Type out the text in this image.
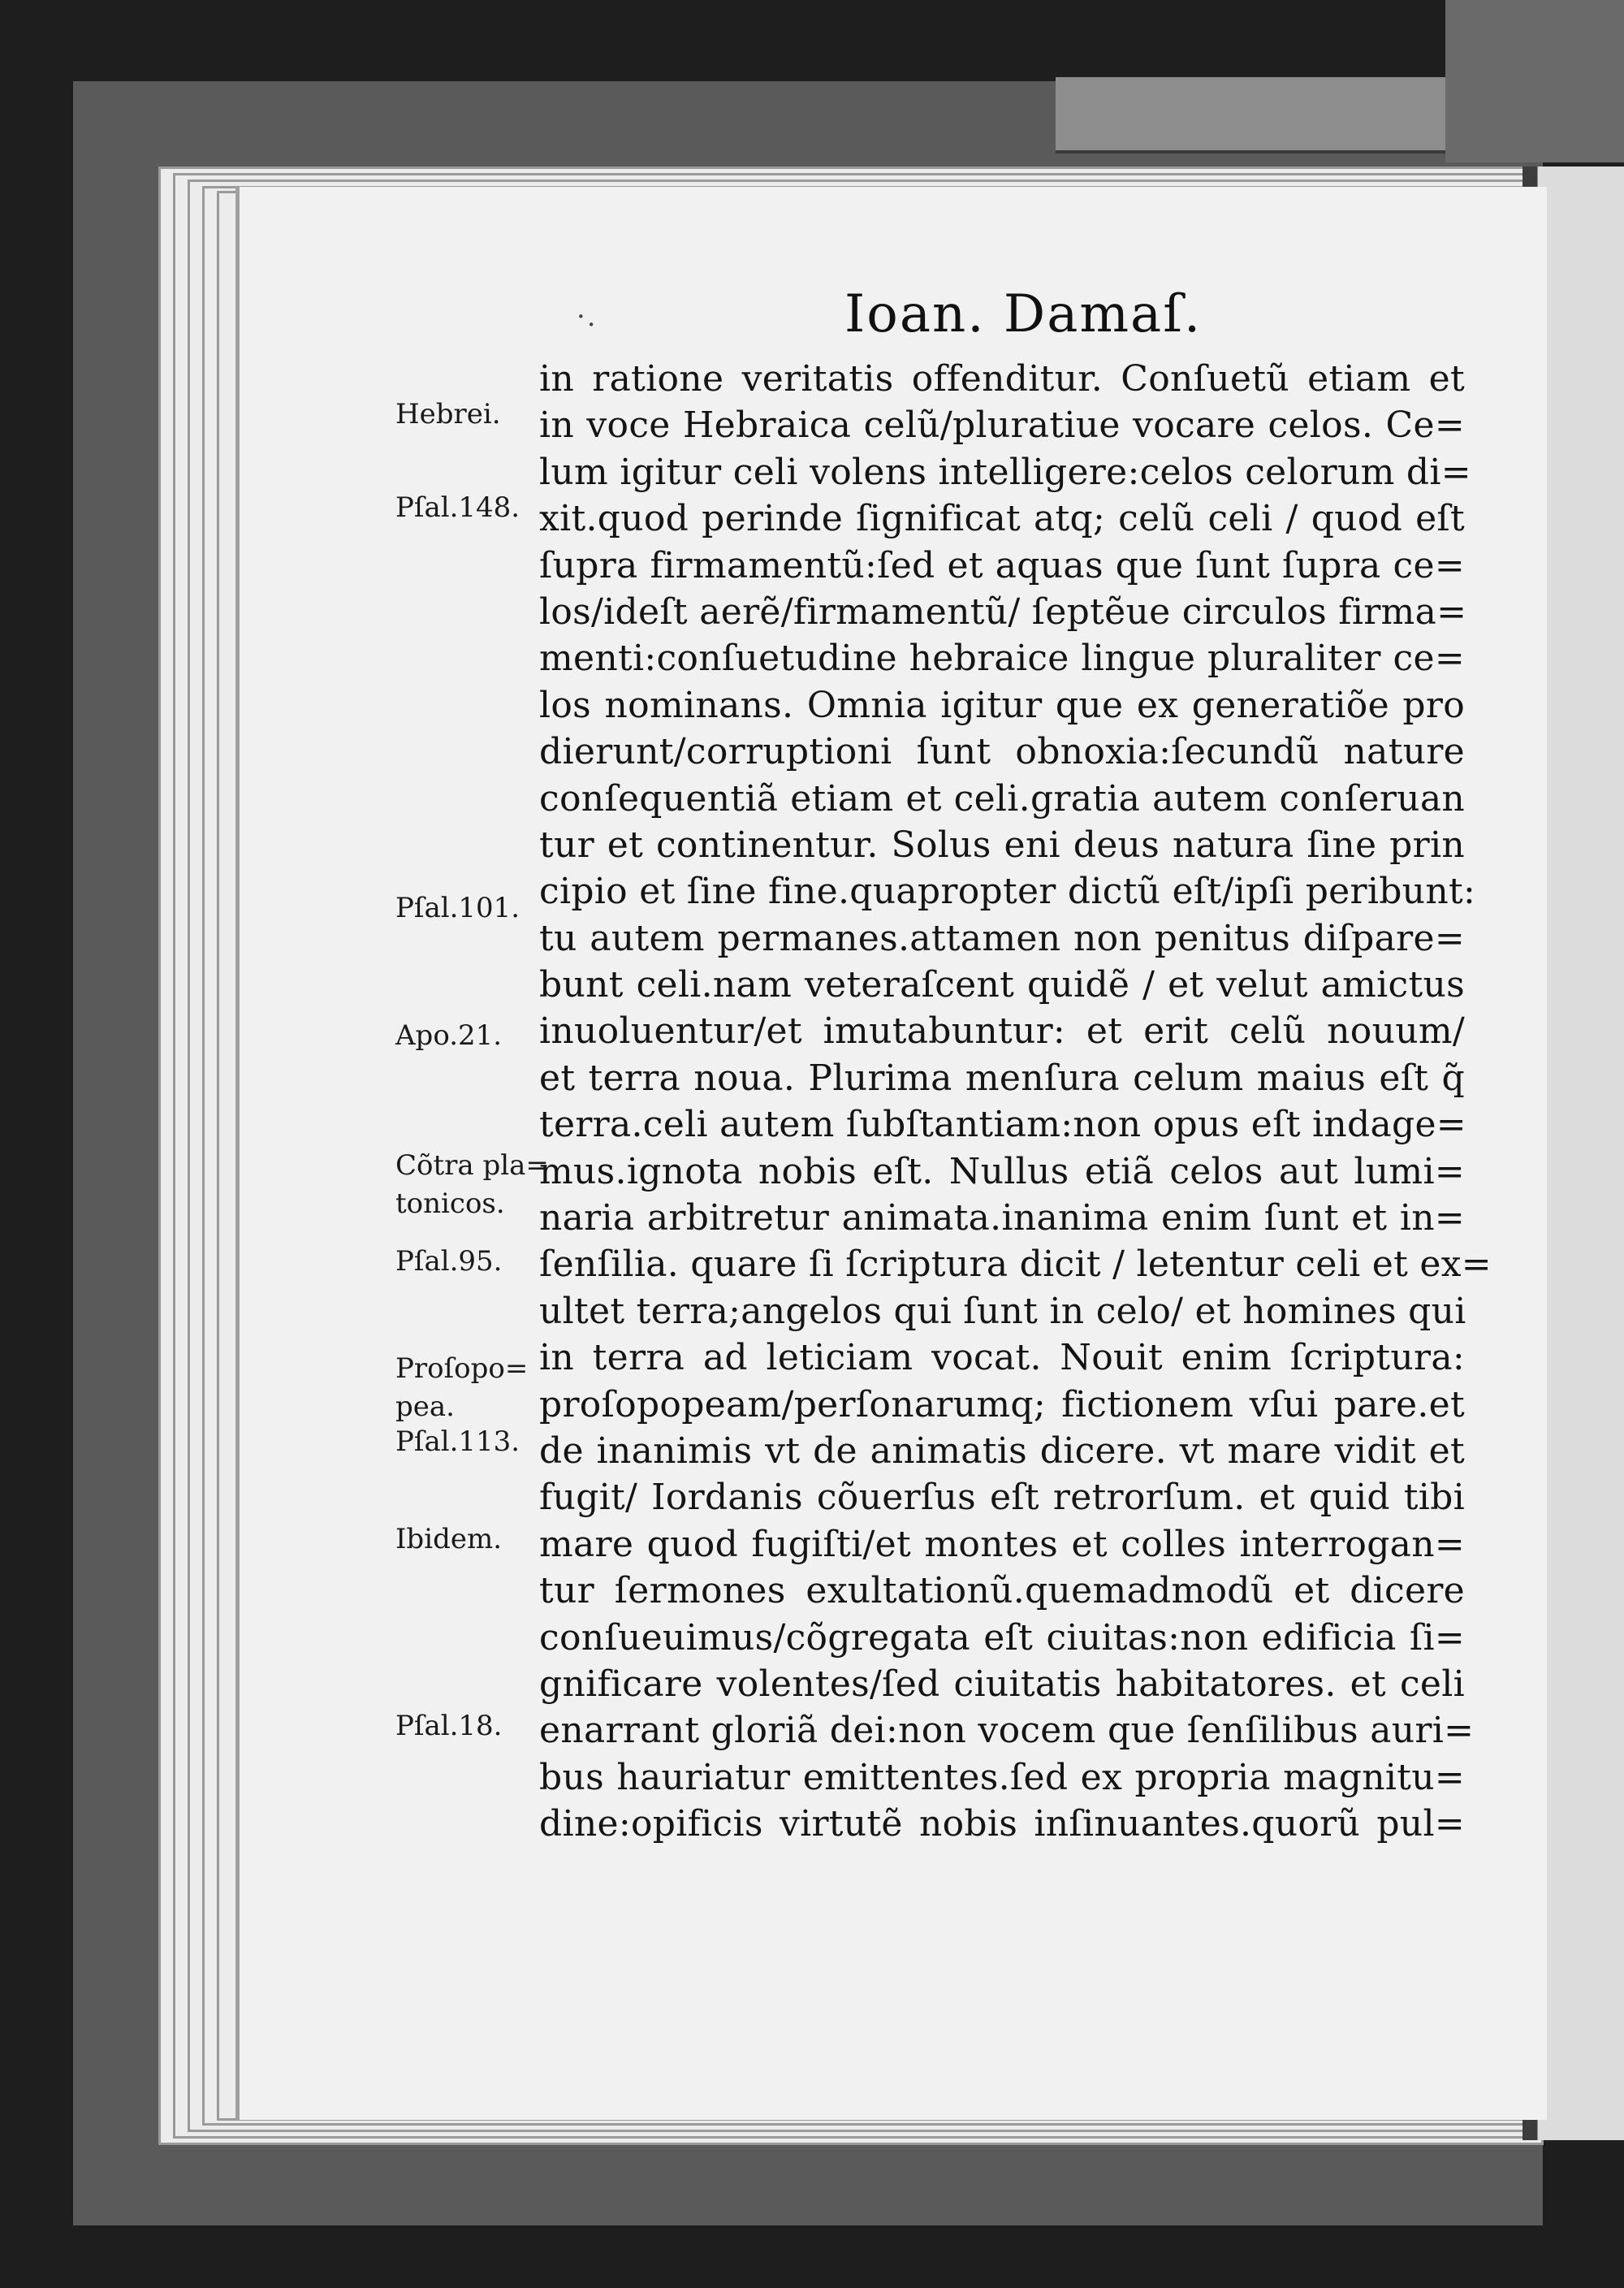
·.	Ioan. Damaſ.
in ratione veritatis offenditur. Conſuetũ etiam et
in voce Hebraica celũ/pluratiue vocare celos. Ce=
lum igitur celi volens intelligere:celos celorum di=
xit.quod perinde ſignificat atq; celũ celi / quod eſt
ſupra firmamentũ:ſed et aquas que ſunt ſupra ce=
los/ideſt aerẽ/firmamentũ/ ſeptẽue circulos firma=
menti:conſuetudine hebraice lingue pluraliter ce=
los nominans. Omnia igitur que ex generatiõe pro
dierunt/corruptioni ſunt obnoxia:ſecundũ nature
conſequentiã etiam et celi.gratia autem conſeruan
tur et continentur. Solus eni deus natura ſine prin
cipio et ſine fine.quapropter dictũ eſt/ipſi peribunt:
tu autem permanes.attamen non penitus diſpare=
bunt celi.nam veteraſcent quidẽ / et velut amictus
inuoluentur/et imutabuntur: et erit celũ nouum/
et terra noua. Plurima menſura celum maius eſt q̃
terra.celi autem ſubſtantiam:non opus eſt indage=
mus.ignota nobis eſt. Nullus etiã celos aut lumi=
naria arbitretur animata.inanima enim ſunt et in=
ſenſilia. quare ſi ſcriptura dicit / letentur celi et ex=
ultet terra;angelos qui ſunt in celo/ et homines qui
in terra ad leticiam vocat. Nouit enim ſcriptura:
proſopopeam/perſonarumq; fictionem vſui pare.et
de inanimis vt de animatis dicere. vt mare vidit et
fugit/ Iordanis cõuerſus eſt retrorſum. et quid tibi
mare quod fugiſti/et montes et colles interrogan=
tur ſermones exultationũ.quemadmodũ et dicere
conſueuimus/cõgregata eſt ciuitas:non edificia ſi=
gnificare volentes/ſed ciuitatis habitatores. et celi
enarrant gloriã dei:non vocem que ſenſilibus auri=
bus hauriatur emittentes.ſed ex propria magnitu=
dine:opificis virtutẽ nobis inſinuantes.quorũ pul=
Hebrei.
Pſal.148.
Pſal.101.
Apo.21.
Cõtra pla=
tonicos.
Pſal.95.
Proſopo=
pea.
Pſal.113.
Ibidem.
Pſal.18.
